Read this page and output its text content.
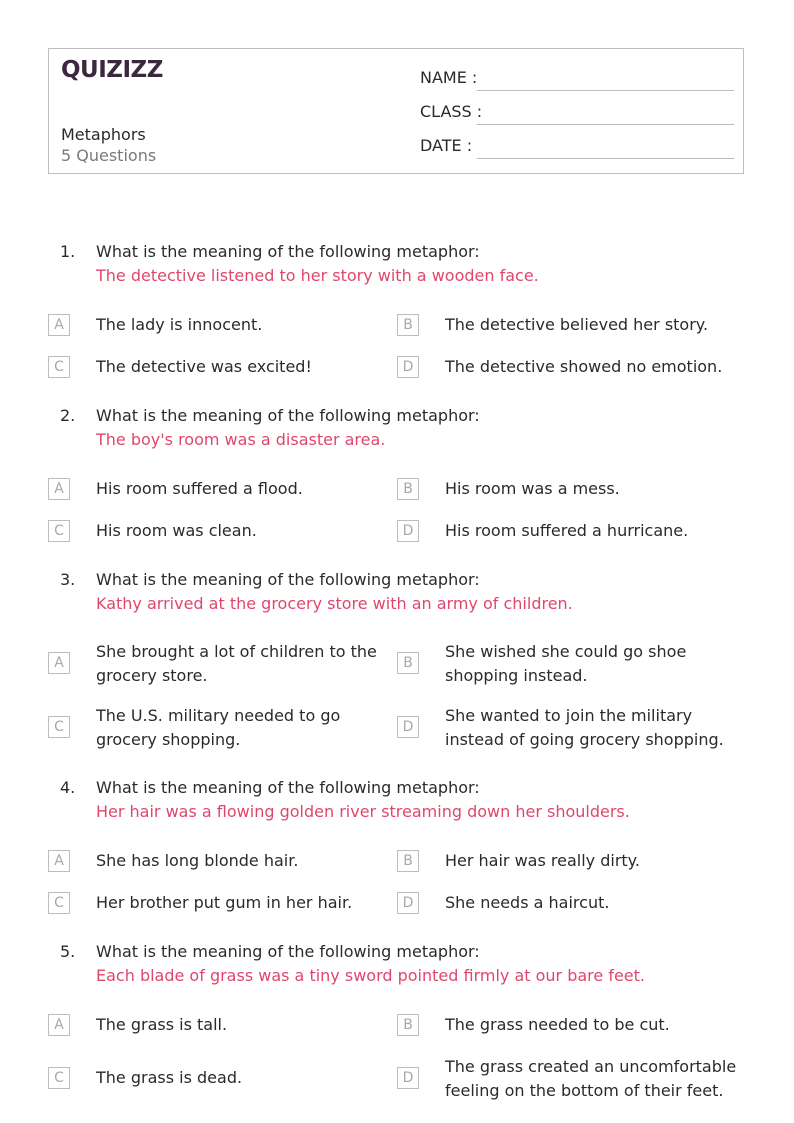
QUIZIZZ
Metaphors
5 Questions
NAME :
CLASS :
DATE :
1. What is the meaning of the following metaphor:
The detective listened to her story with a wooden face.
A	The lady is innocent.	B	The detective believed her story.
C	The detective was excited!	D	The detective showed no emotion.
2. What is the meaning of the following metaphor:
The boy's room was a disaster area.
A	His room suffered a flood.	B	His room was a mess.
C	His room was clean.	D	His room suffered a hurricane.
3. What is the meaning of the following metaphor:
Kathy arrived at the grocery store with an army of children.
A
She brought a lot of children to the grocery store.
B
She wished she could go shoe shopping instead.
C
The U.S. military needed to go grocery shopping.
D
She wanted to join the military instead of going grocery shopping.
4. What is the meaning of the following metaphor:
Her hair was a flowing golden river streaming down her shoulders.
A	She has long blonde hair.	B	Her hair was really dirty.
C	Her brother put gum in her hair.	D	She needs a haircut.
5. What is the meaning of the following metaphor:
Each blade of grass was a tiny sword pointed firmly at our bare feet.
A	The grass is tall.	B	The grass needed to be cut.
C	The grass is dead.	D
The grass created an uncomfortable feeling on the bottom of their feet.
